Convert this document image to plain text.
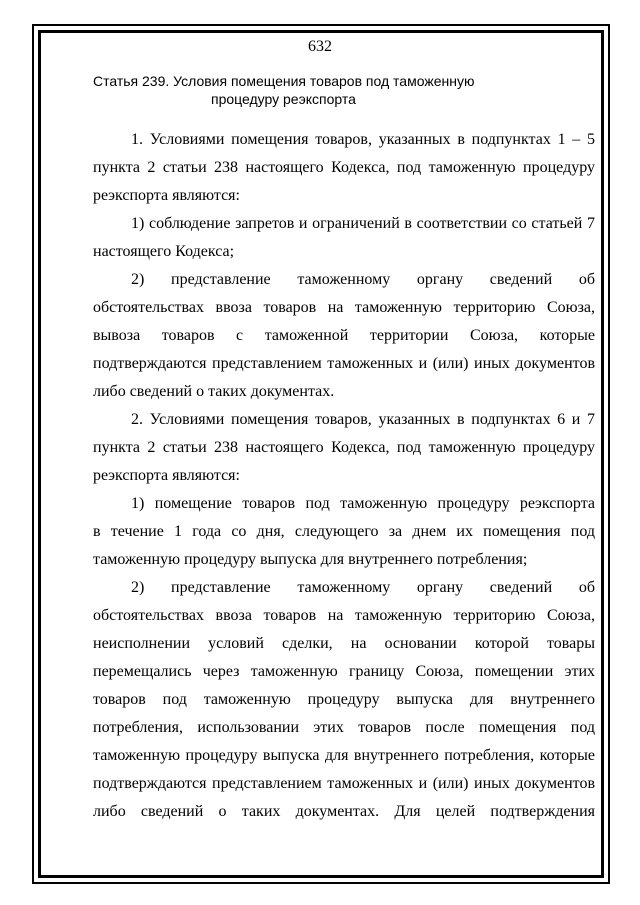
632
Статья 239. Условия помещения товаров под таможенную
процедуру реэкспорта
1. Условиями помещения товаров, указанных в подпунктах 1 – 5
пункта 2 статьи 238 настоящего Кодекса, под таможенную процедуру
реэкспорта являются:
1) соблюдение запретов и ограничений в соответствии со статьей 7
настоящего Кодекса;
2) представление таможенному органу сведений об
обстоятельствах ввоза товаров на таможенную территорию Союза,
вывоза товаров с таможенной территории Союза, которые
подтверждаются представлением таможенных и (или) иных документов
либо сведений о таких документах.
2. Условиями помещения товаров, указанных в подпунктах 6 и 7
пункта 2 статьи 238 настоящего Кодекса, под таможенную процедуру
реэкспорта являются:
1) помещение товаров под таможенную процедуру реэкспорта
в течение 1 года со дня, следующего за днем их помещения под
таможенную процедуру выпуска для внутреннего потребления;
2) представление таможенному органу сведений об
обстоятельствах ввоза товаров на таможенную территорию Союза,
неисполнении условий сделки, на основании которой товары
перемещались через таможенную границу Союза, помещении этих
товаров под таможенную процедуру выпуска для внутреннего
потребления, использовании этих товаров после помещения под
таможенную процедуру выпуска для внутреннего потребления, которые
подтверждаются представлением таможенных и (или) иных документов
либо сведений о таких документах. Для целей подтверждения
